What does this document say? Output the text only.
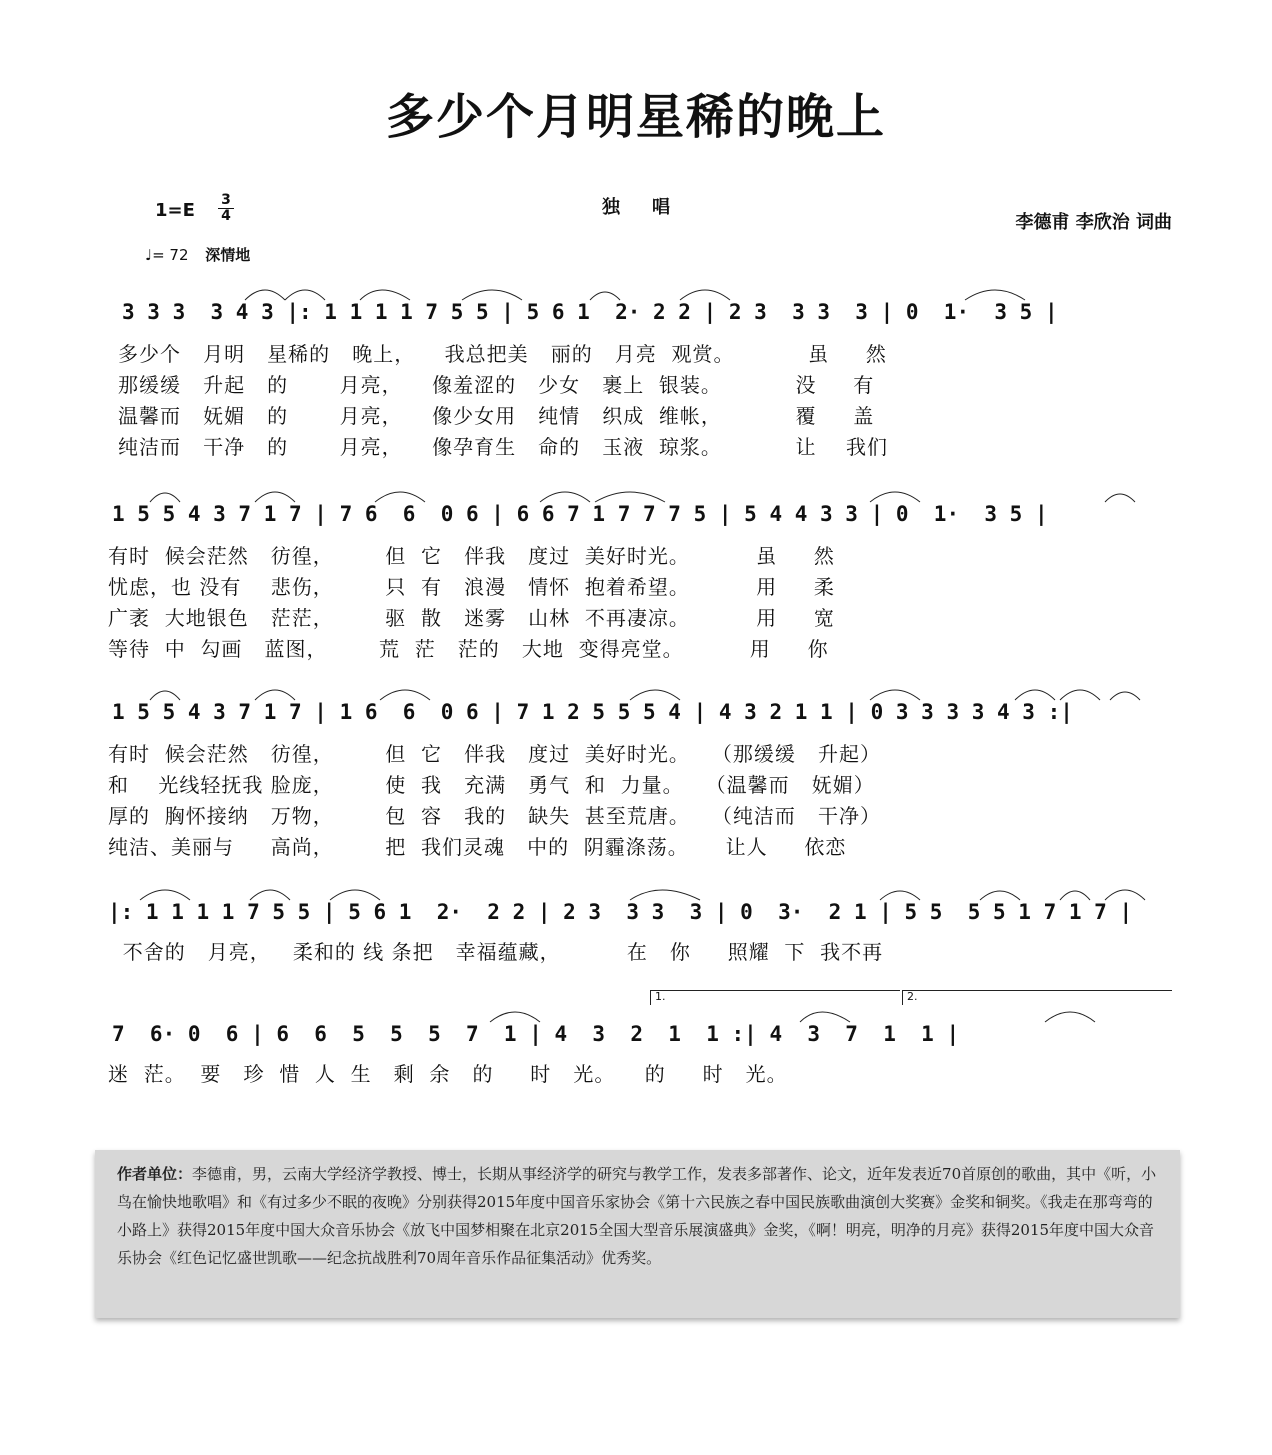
多少个月明星稀的晚上
1=E 3
4
♩= 72 深情地
独唱
李德甫 李欣治 词曲
3 3 3  3 4 3 |: 1 1 1 1 7 5 5 | 5 6 1  2· 2 2 | 2 3  3 3  3 | 0  1·  3 5 |
多少个   月明   星稀的   晚上，    我总把美   丽的   月亮  观赏。          虽     然
那缓缓   升起   的       月亮，    像羞涩的   少女   裹上  银装。          没     有
温馨而   妩媚   的       月亮，    像少女用   纯情   织成  维帐，          覆     盖
纯洁而   干净   的       月亮，    像孕育生   命的   玉液  琼浆。          让    我们
1 5 5 4 3 7 1 7 | 7 6  6  0 6 | 6 6 7 1 7 7 7 5 | 5 4 4 3 3 | 0  1·  3 5 |
有时  候会茫然   彷徨，       但  它   伴我   度过  美好时光。         虽     然
忧虑，也 没有    悲伤，       只  有   浪漫   情怀  抱着希望。         用     柔
广袤  大地银色   茫茫，       驱  散   迷雾   山林  不再凄凉。         用     宽
等待  中  勾画   蓝图，       荒  茫   茫的   大地  变得亮堂。         用     你
1 5 5 4 3 7 1 7 | 1 6  6  0 6 | 7 1 2 5 5 5 4 | 4 3 2 1 1 | 0 3 3 3 3 4 3 :|
有时  候会茫然   彷徨，       但  它   伴我   度过  美好时光。   （那缓缓   升起）
和    光线轻抚我 脸庞，       使  我   充满   勇气  和  力量。   （温馨而   妩媚）
厚的  胸怀接纳   万物，       包  容   我的   缺失  甚至荒唐。   （纯洁而   干净）
纯洁、美丽与     高尚，       把  我们灵魂   中的  阴霾涤荡。     让人     依恋
|: 1 1 1 1 7 5 5 | 5 6 1  2·  2 2 | 2 3  3 3  3 | 0  3·  2 1 | 5 5  5 5 1 7 1 7 |
不舍的   月亮，   柔和的 线 条把   幸福蕴藏，         在   你     照耀  下  我不再
1.	2.
7  6· 0  6 | 6  6  5  5  5  7  1 | 4  3  2  1  1 :| 4  3  7  1  1 |
迷  茫。  要   珍  惜  人  生   剩  余   的     时   光。    的     时   光。
作者单位：李德甫，男，云南大学经济学教授、博士，长期从事经济学的研究与教学工作，发表多部著作、论文，近年发表近70首原创的歌曲，其中《听，小鸟在愉快地歌唱》和《有过多少不眠的夜晚》分别获得2015年度中国音乐家协会《第十六民族之春中国民族歌曲演创大奖赛》金奖和铜奖。《我走在那弯弯的小路上》获得2015年度中国大众音乐协会《放飞中国梦相聚在北京2015全国大型音乐展演盛典》金奖，《啊！明亮，明净的月亮》获得2015年度中国大众音乐协会《红色记忆盛世凯歌——纪念抗战胜利70周年音乐作品征集活动》优秀奖。
